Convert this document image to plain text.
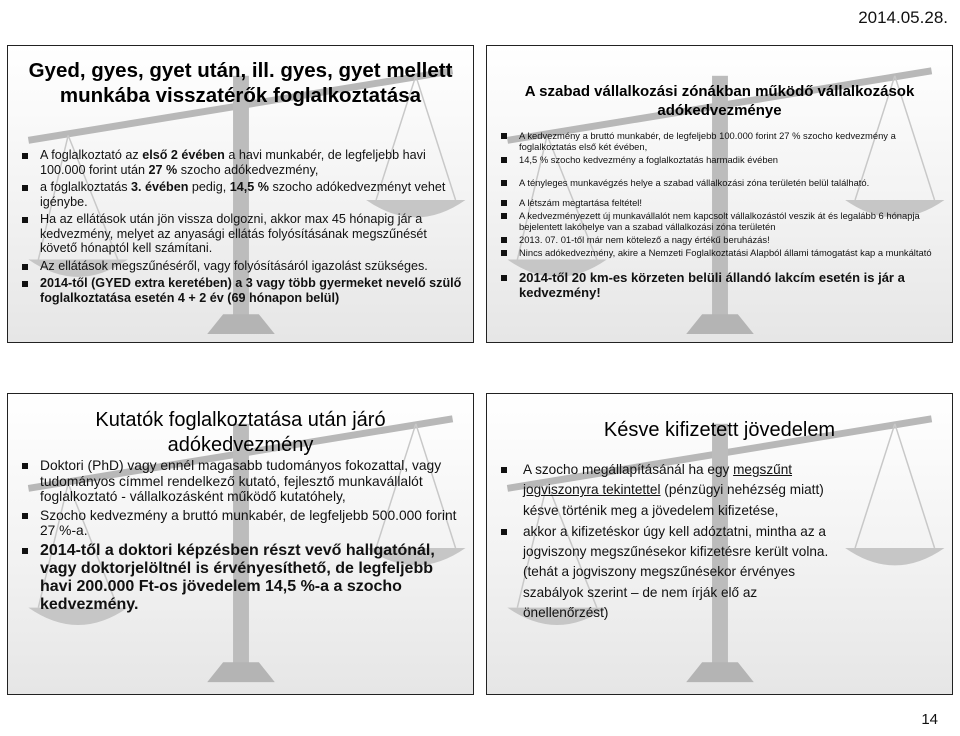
2014.05.28.
Gyed, gyes, gyet után, ill. gyes, gyet mellett munkába visszatérők foglalkoztatása
A foglalkoztató az első 2 évében a havi munkabér, de legfeljebb havi 100.000 forint után 27 % szocho adókedvezmény,
a foglalkoztatás 3. évében pedig, 14,5 % szocho adókedvezményt vehet igénybe.
Ha az ellátások után jön vissza dolgozni, akkor max 45 hónapig jár a kedvezmény, melyet az anyasági ellátás folyósításának megszűnését követő hónaptól kell számítani.
Az ellátások megszűnéséről, vagy folyósításáról igazolást szükséges.
2014-től (GYED extra keretében) a 3 vagy több gyermeket nevelő szülő foglalkoztatása esetén 4 + 2 év (69 hónapon belül)
A szabad vállalkozási zónákban működő vállalkozások adókedvezménye
A kedvezmény a bruttó munkabér, de legfeljebb 100.000 forint 27 % szocho kedvezmény a foglalkoztatás első két évében,
14,5 % szocho kedvezmény a foglalkoztatás harmadik évében
A tényleges munkavégzés helye a szabad vállalkozási zóna területén belül található.
A létszám megtartása feltétel!
A kedvezményezett új munkavállalót nem kapcsolt vállalkozástól veszik át és legalább 6 hónapja bejelentett lakóhelye van a szabad vállalkozási zóna területén
2013. 07. 01-től már nem kötelező a nagy értékű beruházás!
Nincs adókedvezmény, akire a Nemzeti Foglalkoztatási Alapból állami támogatást kap a munkáltató
2014-től 20 km-es körzeten belüli állandó lakcím esetén is jár a kedvezmény!
Kutatók foglalkoztatása után járó adókedvezmény
Doktori (PhD) vagy ennél magasabb tudományos fokozattal, vagy tudományos címmel rendelkező kutató, fejlesztő munkavállalót foglalkoztató - vállalkozásként működő kutatóhely,
Szocho kedvezmény a bruttó munkabér, de legfeljebb 500.000 forint 27 %-a.
2014-től a doktori képzésben részt vevő hallgatónál, vagy doktorjelöltnél is érvényesíthető, de legfeljebb havi 200.000 Ft-os jövedelem 14,5 %-a a szocho kedvezmény.
Késve kifizetett jövedelem
A szocho megállapításánál ha egy megszűnt jogviszonyra tekintettel (pénzügyi nehézség miatt) késve történik meg a jövedelem kifizetése,
akkor a kifizetéskor úgy kell adóztatni, mintha az a jogviszony megszűnésekor kifizetésre került volna. (tehát a jogviszony megszűnésekor érvényes szabályok szerint – de nem írják elő az önellenőrzést)
14
